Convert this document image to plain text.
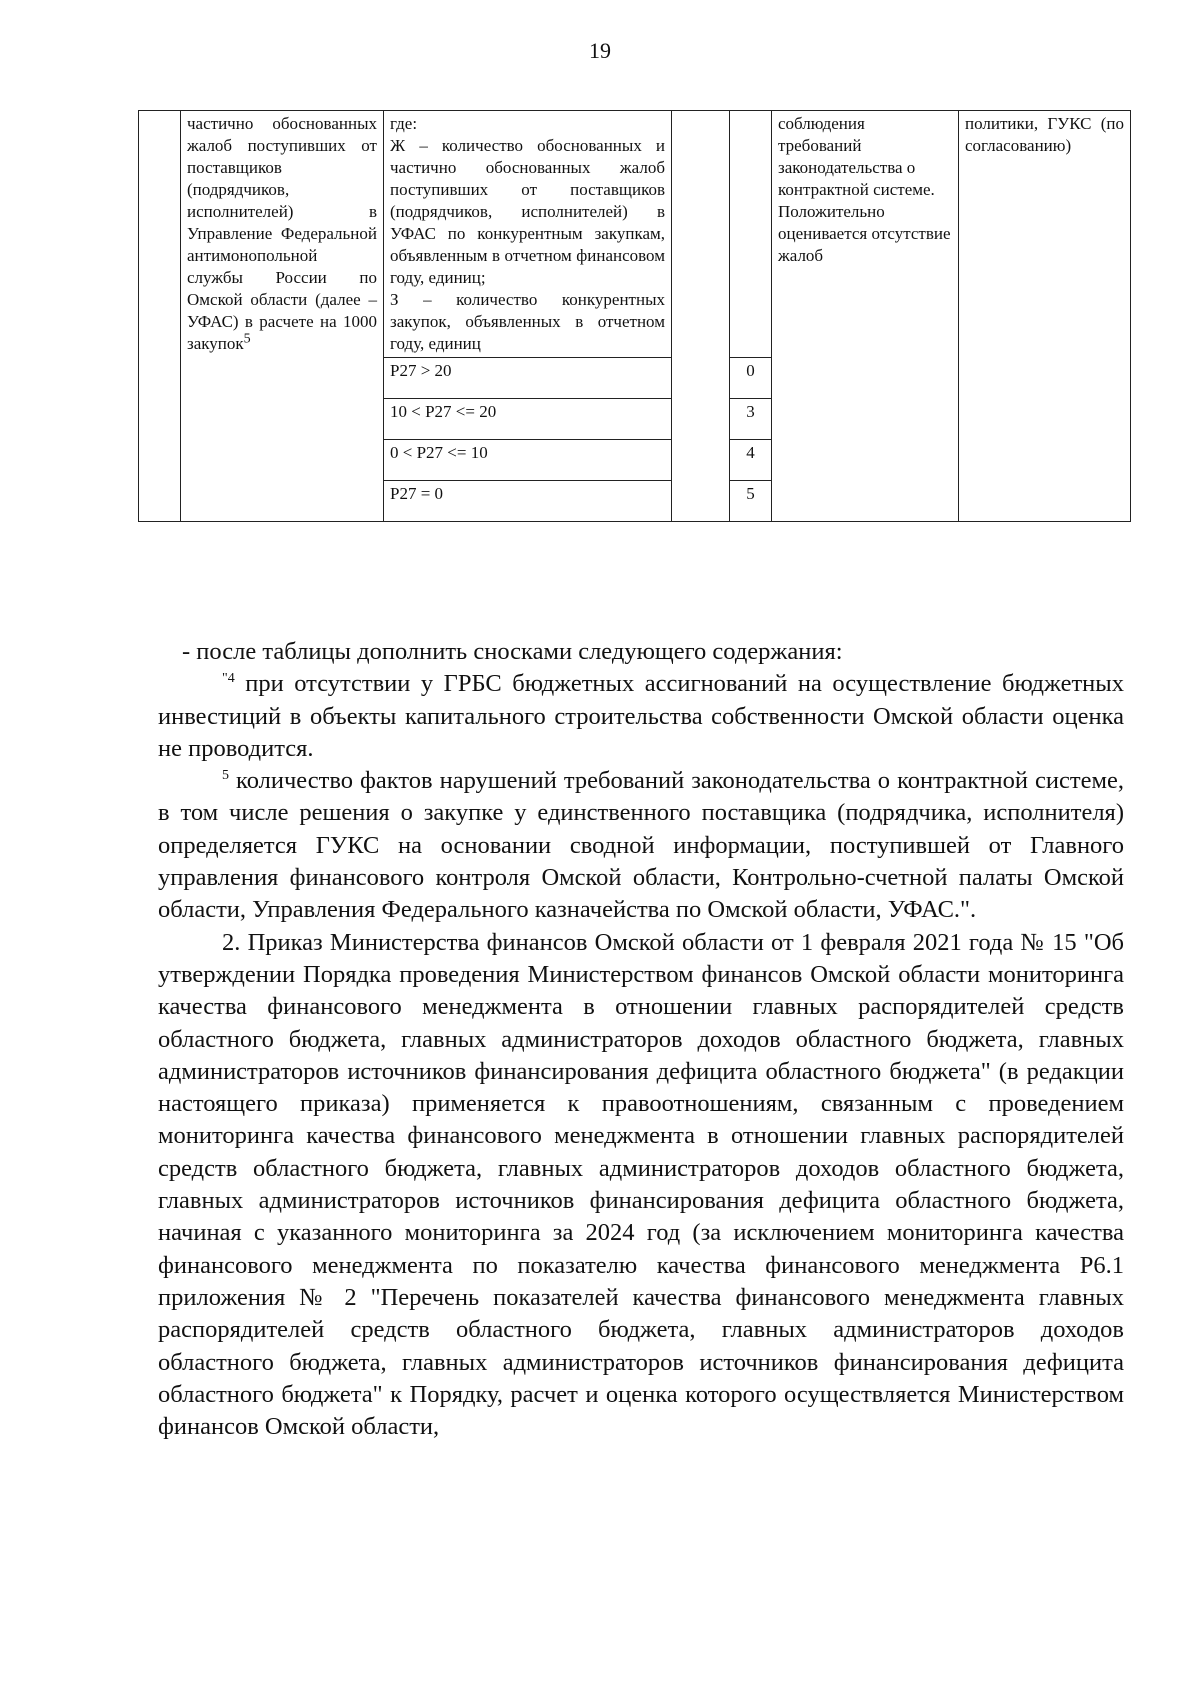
19
	частично обоснованных жалоб поступивших от поставщиков (подрядчиков, исполнителей) в Управление Федеральной антимонопольной службы России по Омской области (далее – УФАС) в расчете на 1000 закупок$^5$	где:
Ж – количество обоснованных и частично обоснованных жалоб поступивших от поставщиков (подрядчиков, исполнителей) в УФАС по конкурентным закупкам, объявленным в отчетном финансовом году, единиц;
З – количество конкурентных закупок, объявленных в отчетном году, единиц			соблюдения требований законодательства о контрактной системе. Положительно оценивается отсутствие жалоб	политики, ГУКС (по согласованию)
		P27 > 20		0		
		10 < P27 <= 20		3		
		0 < P27 <= 10		4		
		P27 = 0		5		

- после таблицы дополнить сносками следующего содержания:

$^{"4}$ при отсутствии у ГРБС бюджетных ассигнований на осуществление бюджетных инвестиций в объекты капитального строительства собственности Омской области оценка не проводится.

$^5$ количество фактов нарушений требований законодательства о контрактной системе, в том числе решения о закупке у единственного поставщика (подрядчика, исполнителя) определяется ГУКС на основании сводной информации, поступившей от Главного управления финансового контроля Омской области, Контрольно-счетной палаты Омской области, Управления Федерального казначейства по Омской области, УФАС.".

2. Приказ Министерства финансов Омской области от 1 февраля 2021 года № 15 "Об утверждении Порядка проведения Министерством финансов Омской области мониторинга качества финансового менеджмента в отношении главных распорядителей средств областного бюджета, главных администраторов доходов областного бюджета, главных администраторов источников финансирования дефицита областного бюджета" (в редакции настоящего приказа) применяется к правоотношениям, связанным с проведением мониторинга качества финансового менеджмента в отношении главных распорядителей средств областного бюджета, главных администраторов доходов областного бюджета, главных администраторов источников финансирования дефицита областного бюджета, начиная с указанного мониторинга за 2024 год (за исключением мониторинга качества финансового менеджмента по показателю качества финансового менеджмента Р6.1 приложения № 2 "Перечень показателей качества финансового менеджмента главных распорядителей средств областного бюджета, главных администраторов доходов областного бюджета, главных администраторов источников финансирования дефицита областного бюджета" к Порядку, расчет и оценка которого осуществляется Министерством финансов Омской области,
